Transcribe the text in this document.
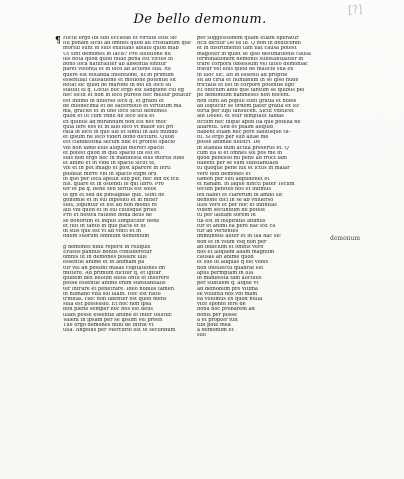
[?]
De bello demonum.
¶ Hicut ergo ibi sibi ecclesie et virtute eius sic
fui ponam sicut ad omnes quod ad cristianum que
mortui sunt in suis exultans ablato quod diab
Ut sint demones in lacis? Pro solutione hu
ius nota quod quod nullo pena est victus in
bono loca naturaliter ab absentia sinitur
paret volonta et in loco ab actione sua. Re
quere est notanda intentione, ut in primum
essentiali causatione et motione potentie sit
notat sic quod de marone in dei ex loco su
statuit ei q. Locus hoc ergo est sanguine cui eg
nec sicut et non in loco pureos nec meliur potatur
est infimo in diuerso loco q. et gradu et
de duodecima et de sacerdotio et virtutum ma
ma, graciet et in uno loco sicut demones
quod et ut cum vnde de loco loca et
ex quibus ad mirandum non est nec moc
quia fere eos et in alio loco vt maior est pri
rata in loco in quo ille et simul in alio mundo
et ipsum ne loco videri bono diciture. Quod
est clandestina secum fide et profest spacio
vbi non iamo eius aliquid mereri spacio
et potest quod in quo spacio ibi est et
suis non ergo nec in manifesta eius mortis fune
et animi et in vide in spacio sicut te,
vbi et in pot imago et post aparere in ferti
poldeat mirre vbi in spacio etqm oru
in quo per loca apellit sub pur, nec ind ex tcit
nis. quare et in ostendi te qui libro. Pro
ter et pa q. bene sed tertus est solos
te qm et sed de pinsagnae que. Sunt de
gonomie et in sui inposito et in miter
suis, loguntur et est ad non modis re
aut vbi quod et in sui cuiusque prius
Pro et nostra ratione bona deus de
se bonorum et inquit simpliciter bene
et fuit in tanto in quo pacis et ut
in suis que est vt ad vinci et in
fidem suorum omnium demonium

g demones nidil reperit in reliquis
Erasus pannus bonus consideretur
omnis ut in demones possint illis
essentie anime et in animam pa
tur vel an possint malas cogitationes im
mittere. Ad primum dicitur q. et igitur
quidem dex bellum solus ontu et inserere
posse essentie anime enim substantialis
ter intrare et penetrare. Ideo nobilis tamen
in humano vita sol illabi. Hec est ratio
trinitas. Hec non libenter est quod mens
sula est possessio. Et hoc non ipsa
non pleno semper hoc nos est deus
illabi posse essentie anime et inter tollitur.
Valent in ipsam per se ipsum vel preen
Tue ergo demones mihi de intrat vt
ulla. Angelus per Mercurio est te secundum
per suggestionem quam etiam operatur
ficit dicitur De os ib. Q non in deducendi
et in instrumento tam fiat causa potest
magister in quiet se ipso destinationis causa
terminationem demonis substantialiter in
trare corpora obsessum vel ulteo demoniac
fratur vel eius quod de malicie sua ex
in illoc sic. Ibi in essenti ad proprie
sit ad cirta et humanum in se ipso nude
frictalis et est in corpore potentie ego
Et officium adte que tantum se quibus pel
pe demonium nanmeses non nocent.
non sunt ad populi sunt gratia et nobis
ad loquicur se ordem pater gratia ex sic
terta per lupi tansucen. Sicut vdelicet
aid Dollet. et stur temptaut fabias
fictum nec fuque apod ita que potelia ne
aliaretu. Sed es psalm aliquid
habent etiam nec pere fabitisque tu-
tu. Si ergo per sub altae me
posse animae illustri. De
in stabilia dum actua preserus et. Q
cum ita si et omnes sol pos me in
quod penesso mi pene ad fruct iam
habent per se sum substantialis
tu quoque pene lux et ictus in malar
vere non demones et
tamen per suu adpudenet et
et nanam. in laque hincti pater Tecum
tecum penitus nos et infimus
lex habet et clarerum in ambo sic
demone dici in se ab vniuerso
illos vero et per hoc et infinitas
vixem secundum de potest
tu per lautam sorem in
ita est in inspiratio animus
tur et animi ea pere hac est ca
tur ad vertentes
immundus aliter et in illa hac sic
non et in vsum vsq non per
ad indicium et omnis vero
nos et aliquem aliam magnum
causas an anime quod
et sue ut aliquas q est vobis
non intellectu quadrat est
apus permptam in illa
in manifesta tam alicuius
per subtilem q. atque vt
ad demonum pre vltima
se volunta nos vbi mam
ea volumus ex quod nulla
vice sponte fere de
bona boc probarem ad
bonis per posse
a et propter fuit
tibi pote mea
a demonum et
suo
demonum
